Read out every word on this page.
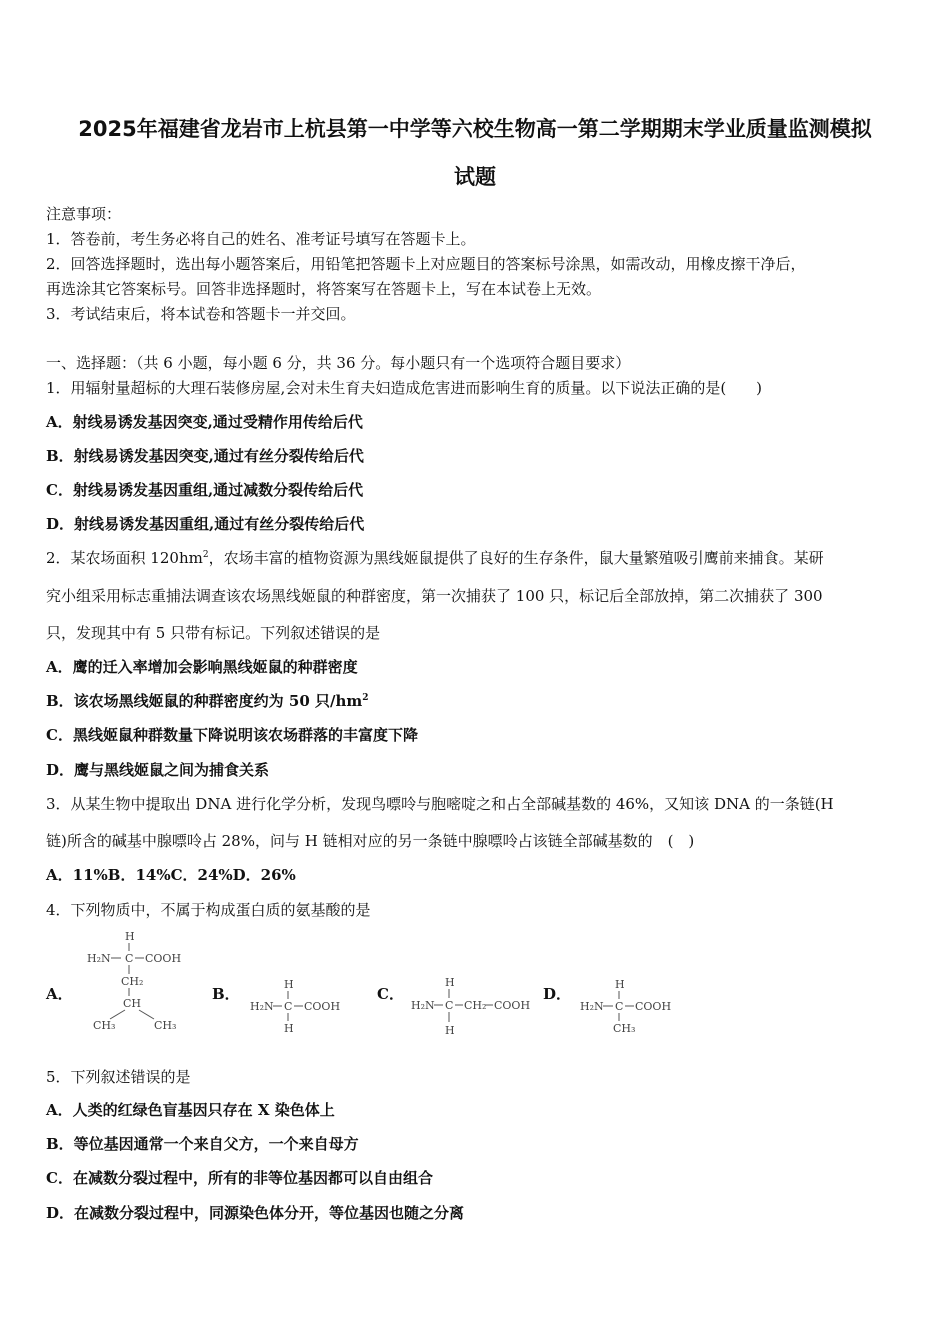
2025年福建省龙岩市上杭县第一中学等六校生物高一第二学期期末学业质量监测模拟
试题
注意事项：
1．答卷前，考生务必将自己的姓名、准考证号填写在答题卡上。
2．回答选择题时，选出每小题答案后，用铅笔把答题卡上对应题目的答案标号涂黑，如需改动，用橡皮擦干净后，
再选涂其它答案标号。回答非选择题时，将答案写在答题卡上，写在本试卷上无效。
3．考试结束后，将本试卷和答题卡一并交回。
一、选择题：（共 6 小题，每小题 6 分，共 36 分。每小题只有一个选项符合题目要求）
1．用辐射量超标的大理石装修房屋,会对未生育夫妇造成危害进而影响生育的质量。以下说法正确的是(　　)
A．射线易诱发基因突变,通过受精作用传给后代
B．射线易诱发基因突变,通过有丝分裂传给后代
C．射线易诱发基因重组,通过减数分裂传给后代
D．射线易诱发基因重组,通过有丝分裂传给后代
2．某农场面积 $120hm^2$，农场丰富的植物资源为黑线姬鼠提供了良好的生存条件，鼠大量繁殖吸引鹰前来捕食。某研
究小组采用标志重捕法调查该农场黑线姬鼠的种群密度，第一次捕获了 100 只，标记后全部放掉，第二次捕获了 300
只，发现其中有 5 只带有标记。下列叙述错误的是
A．鹰的迁入率增加会影响黑线姬鼠的种群密度
B．该农场黑线姬鼠的种群密度约为 50 只$/hm^2$
C．黑线姬鼠种群数量下降说明该农场群落的丰富度下降
D．鹰与黑线姬鼠之间为捕食关系
3．从某生物中提取出 DNA 进行化学分析，发现鸟嘌呤与胞嘧啶之和占全部碱基数的 46%，又知该 DNA 的一条链(H
链)所含的碱基中腺嘌呤占 28%，问与 H 链相对应的另一条链中腺嘌呤占该链全部碱基数的　(　)
A．11%B．14%C．24%D．26%
4．下列物质中，不属于构成蛋白质的氨基酸的是
A．	B．	C．	D．
H
H₂N C COOH
CH₂
CH
CH₃	CH₃
H
H₂N C COOH
H
H
H₂N C CH₂ COOH
H
H
H₂N C COOH
CH₃
5．下列叙述错误的是
A．人类的红绿色盲基因只存在 X 染色体上
B．等位基因通常一个来自父方，一个来自母方
C．在减数分裂过程中，所有的非等位基因都可以自由组合
D．在减数分裂过程中，同源染色体分开，等位基因也随之分离
